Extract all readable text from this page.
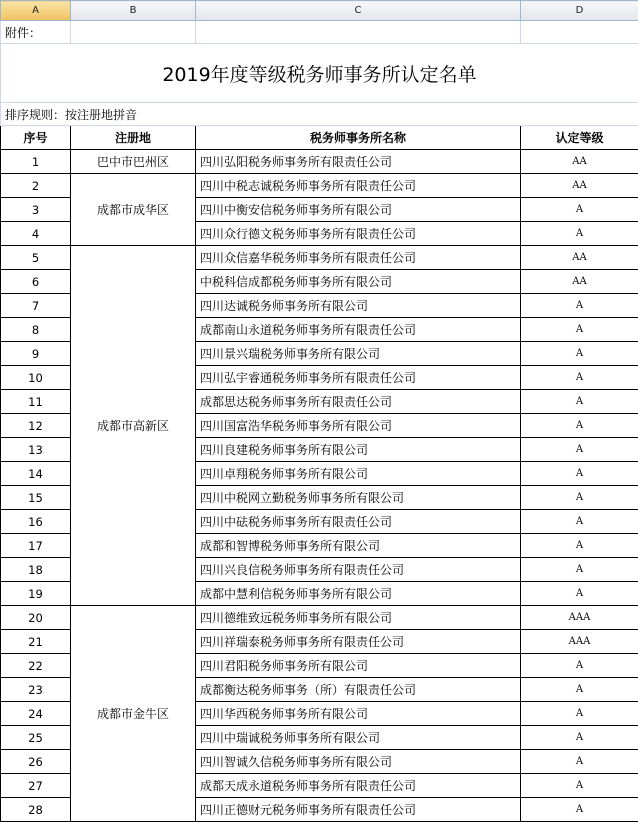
A	B	C	D
附件：			
2019年度等级税务师事务所认定名单			
排序规则：按注册地拼音			
序号	注册地	税务师事务所名称	认定等级
1	巴中市巴州区	四川弘阳税务师事务所有限责任公司	AA
2	成都市成华区	四川中税志诚税务师事务所有限责任公司	AA
3		四川中衡安信税务师事务所有限公司	A
4		四川众行德文税务师事务所有限责任公司	A
5	成都市高新区	四川众信嘉华税务师事务所有限责任公司	AA
6		中税科信成都税务师事务所有限公司	AA
7		四川达诚税务师事务所有限公司	A
8		成都南山永道税务师事务所有限责任公司	A
9		四川景兴瑞税务师事务所有限公司	A
10		四川弘宇睿通税务师事务所有限责任公司	A
11		成都思达税务师事务所有限责任公司	A
12		四川国富浩华税务师事务所有限公司	A
13		四川良建税务师事务所有限公司	A
14		四川卓翔税务师事务所有限公司	A
15		四川中税网立勤税务师事务所有限公司	A
16		四川中砝税务师事务所有限责任公司	A
17		成都和智博税务师事务所有限公司	A
18		四川兴良信税务师事务所有限责任公司	A
19		成都中慧利信税务师事务所有限公司	A
20	成都市金牛区	四川德维致远税务师事务所有限公司	AAA
21		四川祥瑞泰税务师事务所有限责任公司	AAA
22		四川君阳税务师事务所有限公司	A
23		成都衡达税务师事务（所）有限责任公司	A
24		四川华西税务师事务所有限公司	A
25		四川中瑞诚税务师事务所有限公司	A
26		四川智诚久信税务师事务所有限公司	A
27		成都天成永道税务师事务所有限责任公司	A
28		四川正德财元税务师事务所有限责任公司	A
